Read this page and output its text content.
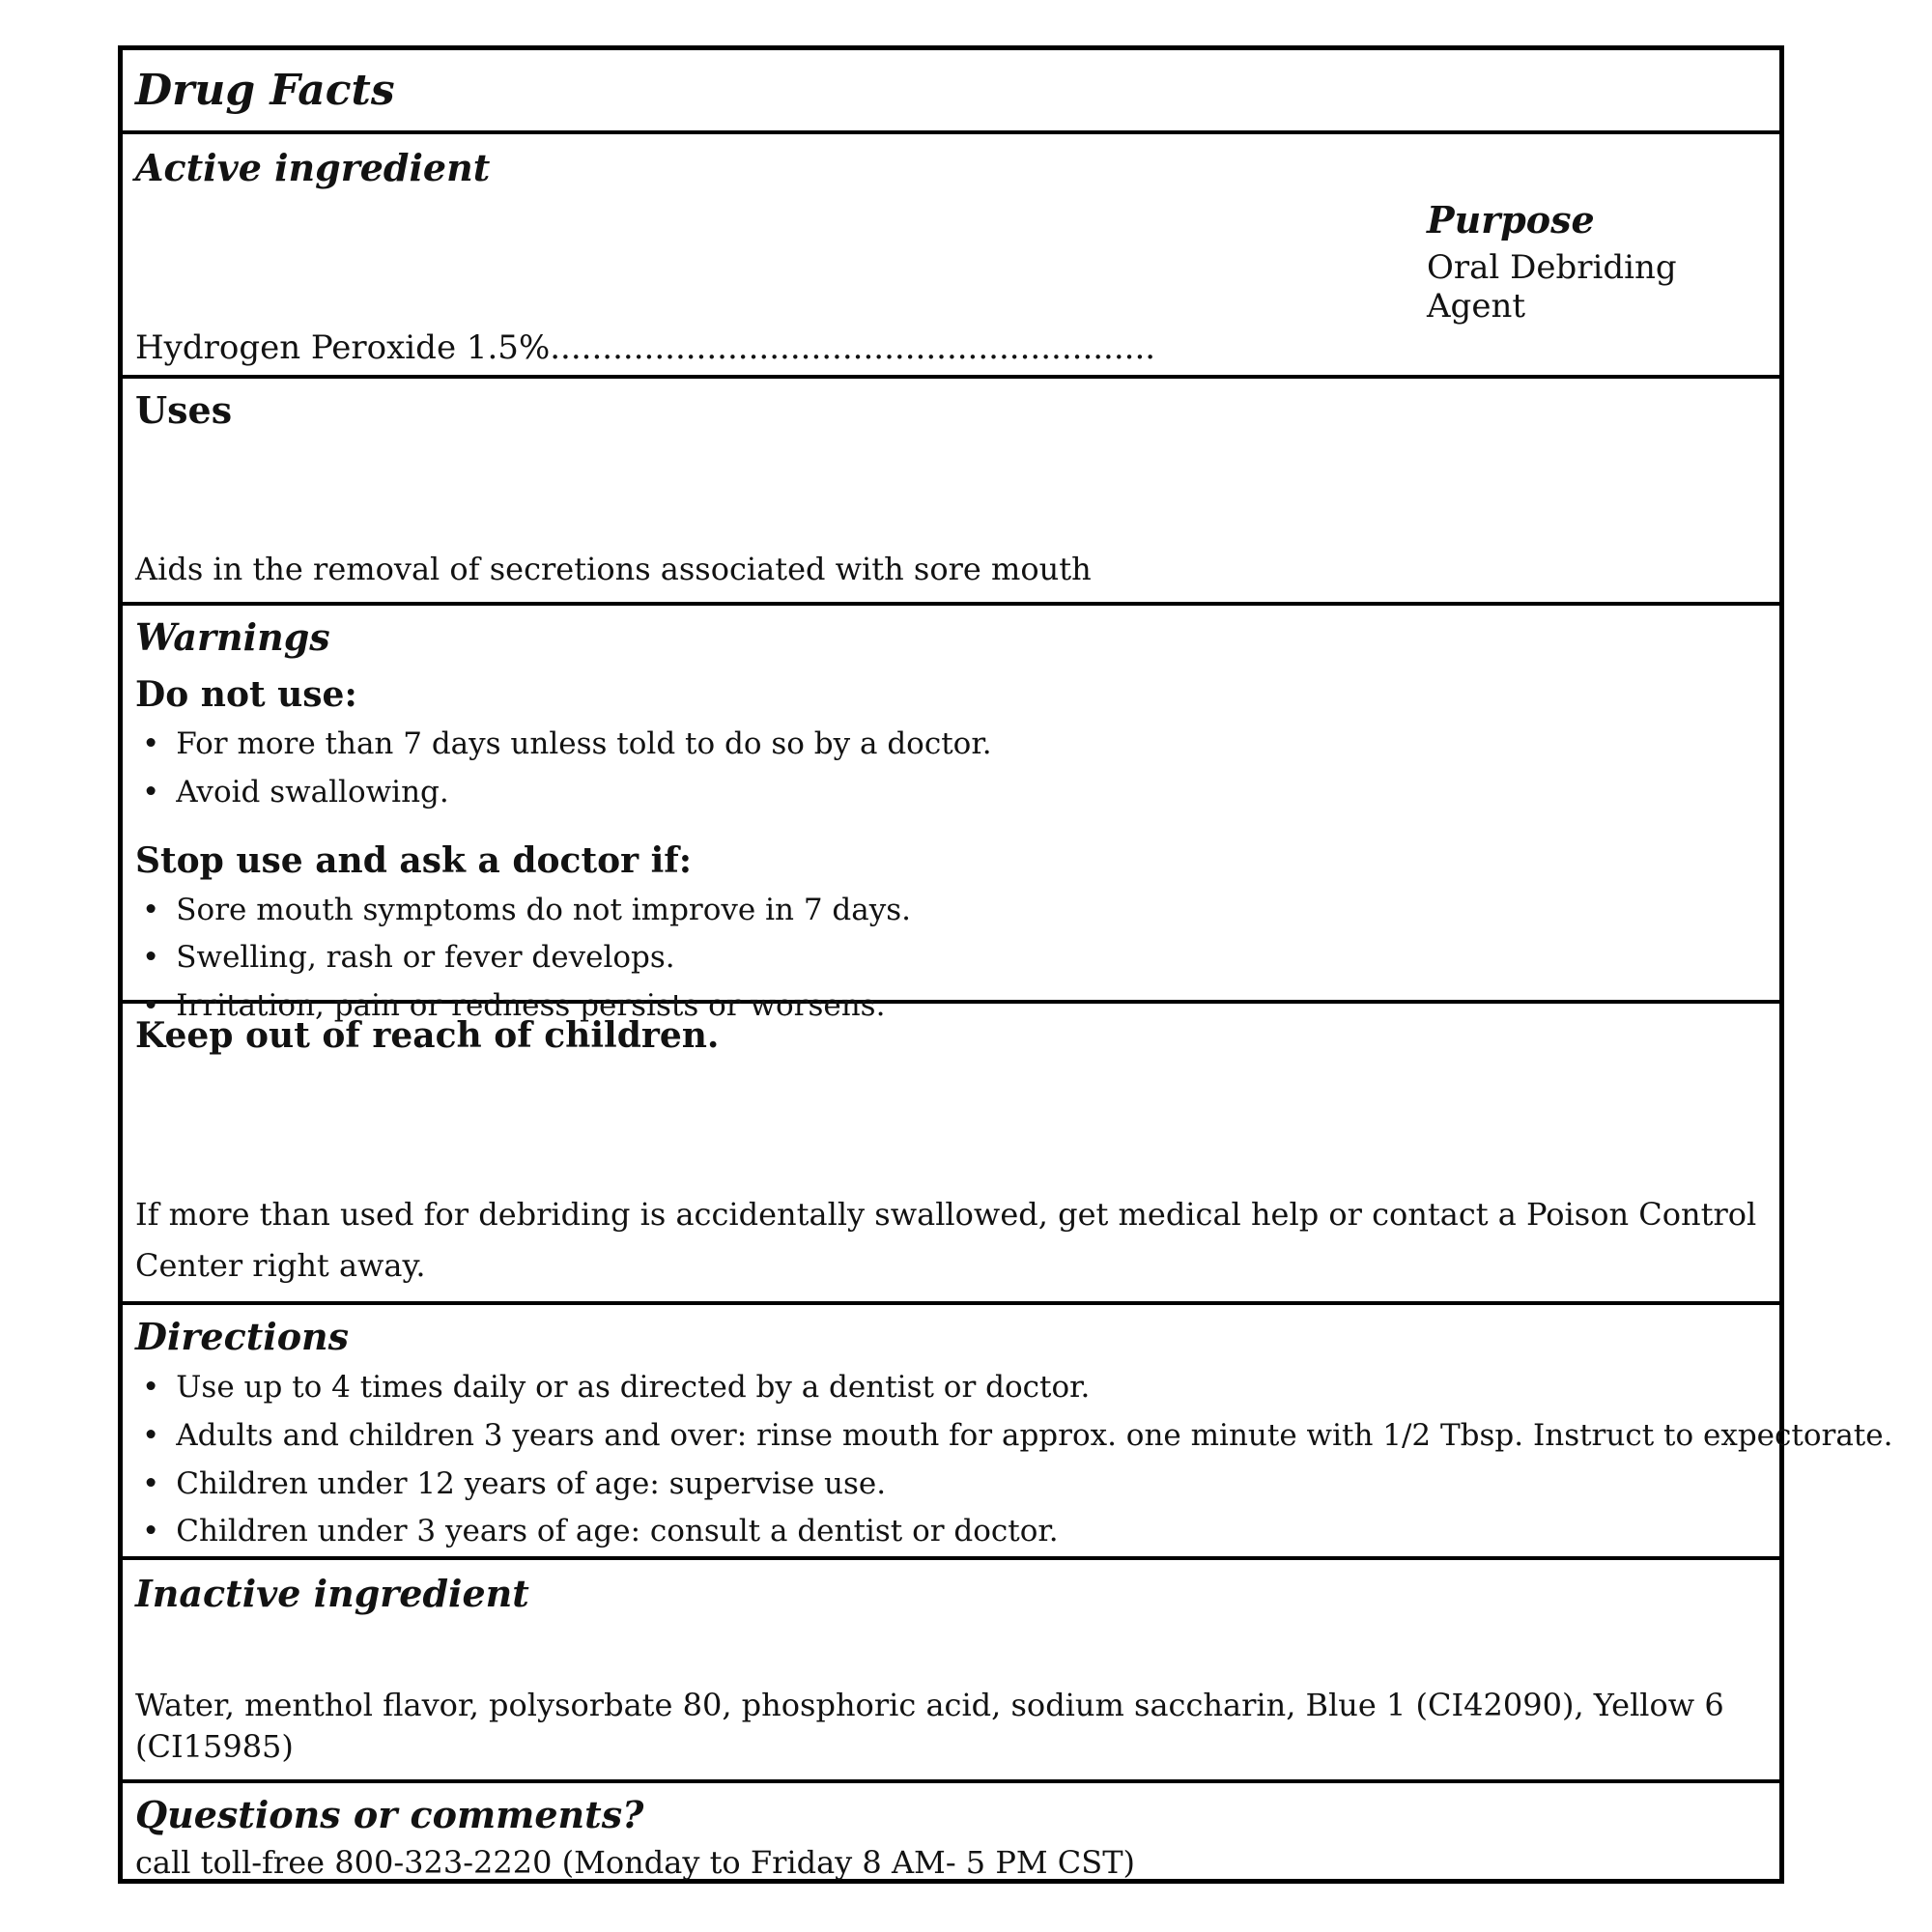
Drug Facts
Active ingredient
Purpose
Oral Debriding Agent
Hydrogen Peroxide 1.5%..........................................................
Uses
Aids in the removal of secretions associated with sore mouth
Warnings
Do not use:
• For more than 7 days unless told to do so by a doctor.
• Avoid swallowing.
Stop use and ask a doctor if:
• Sore mouth symptoms do not improve in 7 days.
• Swelling, rash or fever develops.
• Irritation, pain or redness persists or worsens.
Keep out of reach of children.
If more than used for debriding is accidentally swallowed, get medical help or contact a Poison Control Center right away.
Directions
• Use up to 4 times daily or as directed by a dentist or doctor.
• Adults and children 3 years and over: rinse mouth for approx. one minute with 1/2 Tbsp. Instruct to expectorate.
• Children under 12 years of age: supervise use.
• Children under 3 years of age: consult a dentist or doctor.
Inactive ingredient
Water, menthol flavor, polysorbate 80, phosphoric acid, sodium saccharin, Blue 1 (CI42090), Yellow 6 (CI15985)
Questions or comments?
call toll-free 800-323-2220 (Monday to Friday 8 AM- 5 PM CST)
